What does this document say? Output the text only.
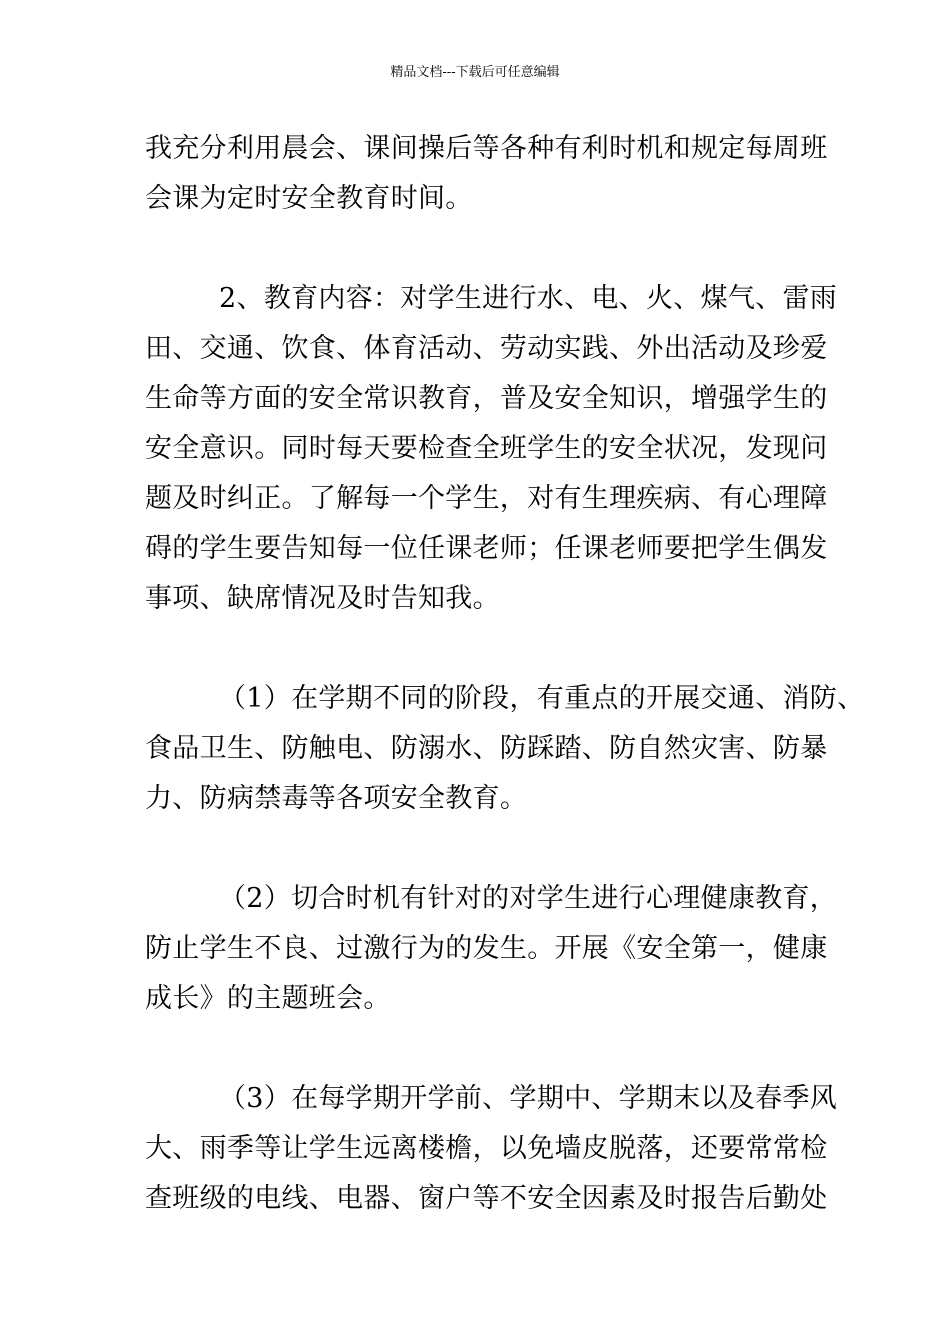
精品文档---下载后可任意编辑

我充分利用晨会、课间操后等各种有利时机和规定每周班
会课为定时安全教育时间。

2、教育内容：对学生进行水、电、火、煤气、雷雨
田、交通、饮食、体育活动、劳动实践、外出活动及珍爱
生命等方面的安全常识教育，普及安全知识，增强学生的
安全意识。同时每天要检查全班学生的安全状况，发现问
题及时纠正。了解每一个学生，对有生理疾病、有心理障
碍的学生要告知每一位任课老师；任课老师要把学生偶发
事项、缺席情况及时告知我。

（1）在学期不同的阶段，有重点的开展交通、消防、
食品卫生、防触电、防溺水、防踩踏、防自然灾害、防暴
力、防病禁毒等各项安全教育。

（2）切合时机有针对的对学生进行心理健康教育，
防止学生不良、过激行为的发生。开展《安全第一，健康
成长》的主题班会。

（3）在每学期开学前、学期中、学期末以及春季风
大、雨季等让学生远离楼檐，以免墙皮脱落，还要常常检
查班级的电线、电器、窗户等不安全因素及时报告后勤处
